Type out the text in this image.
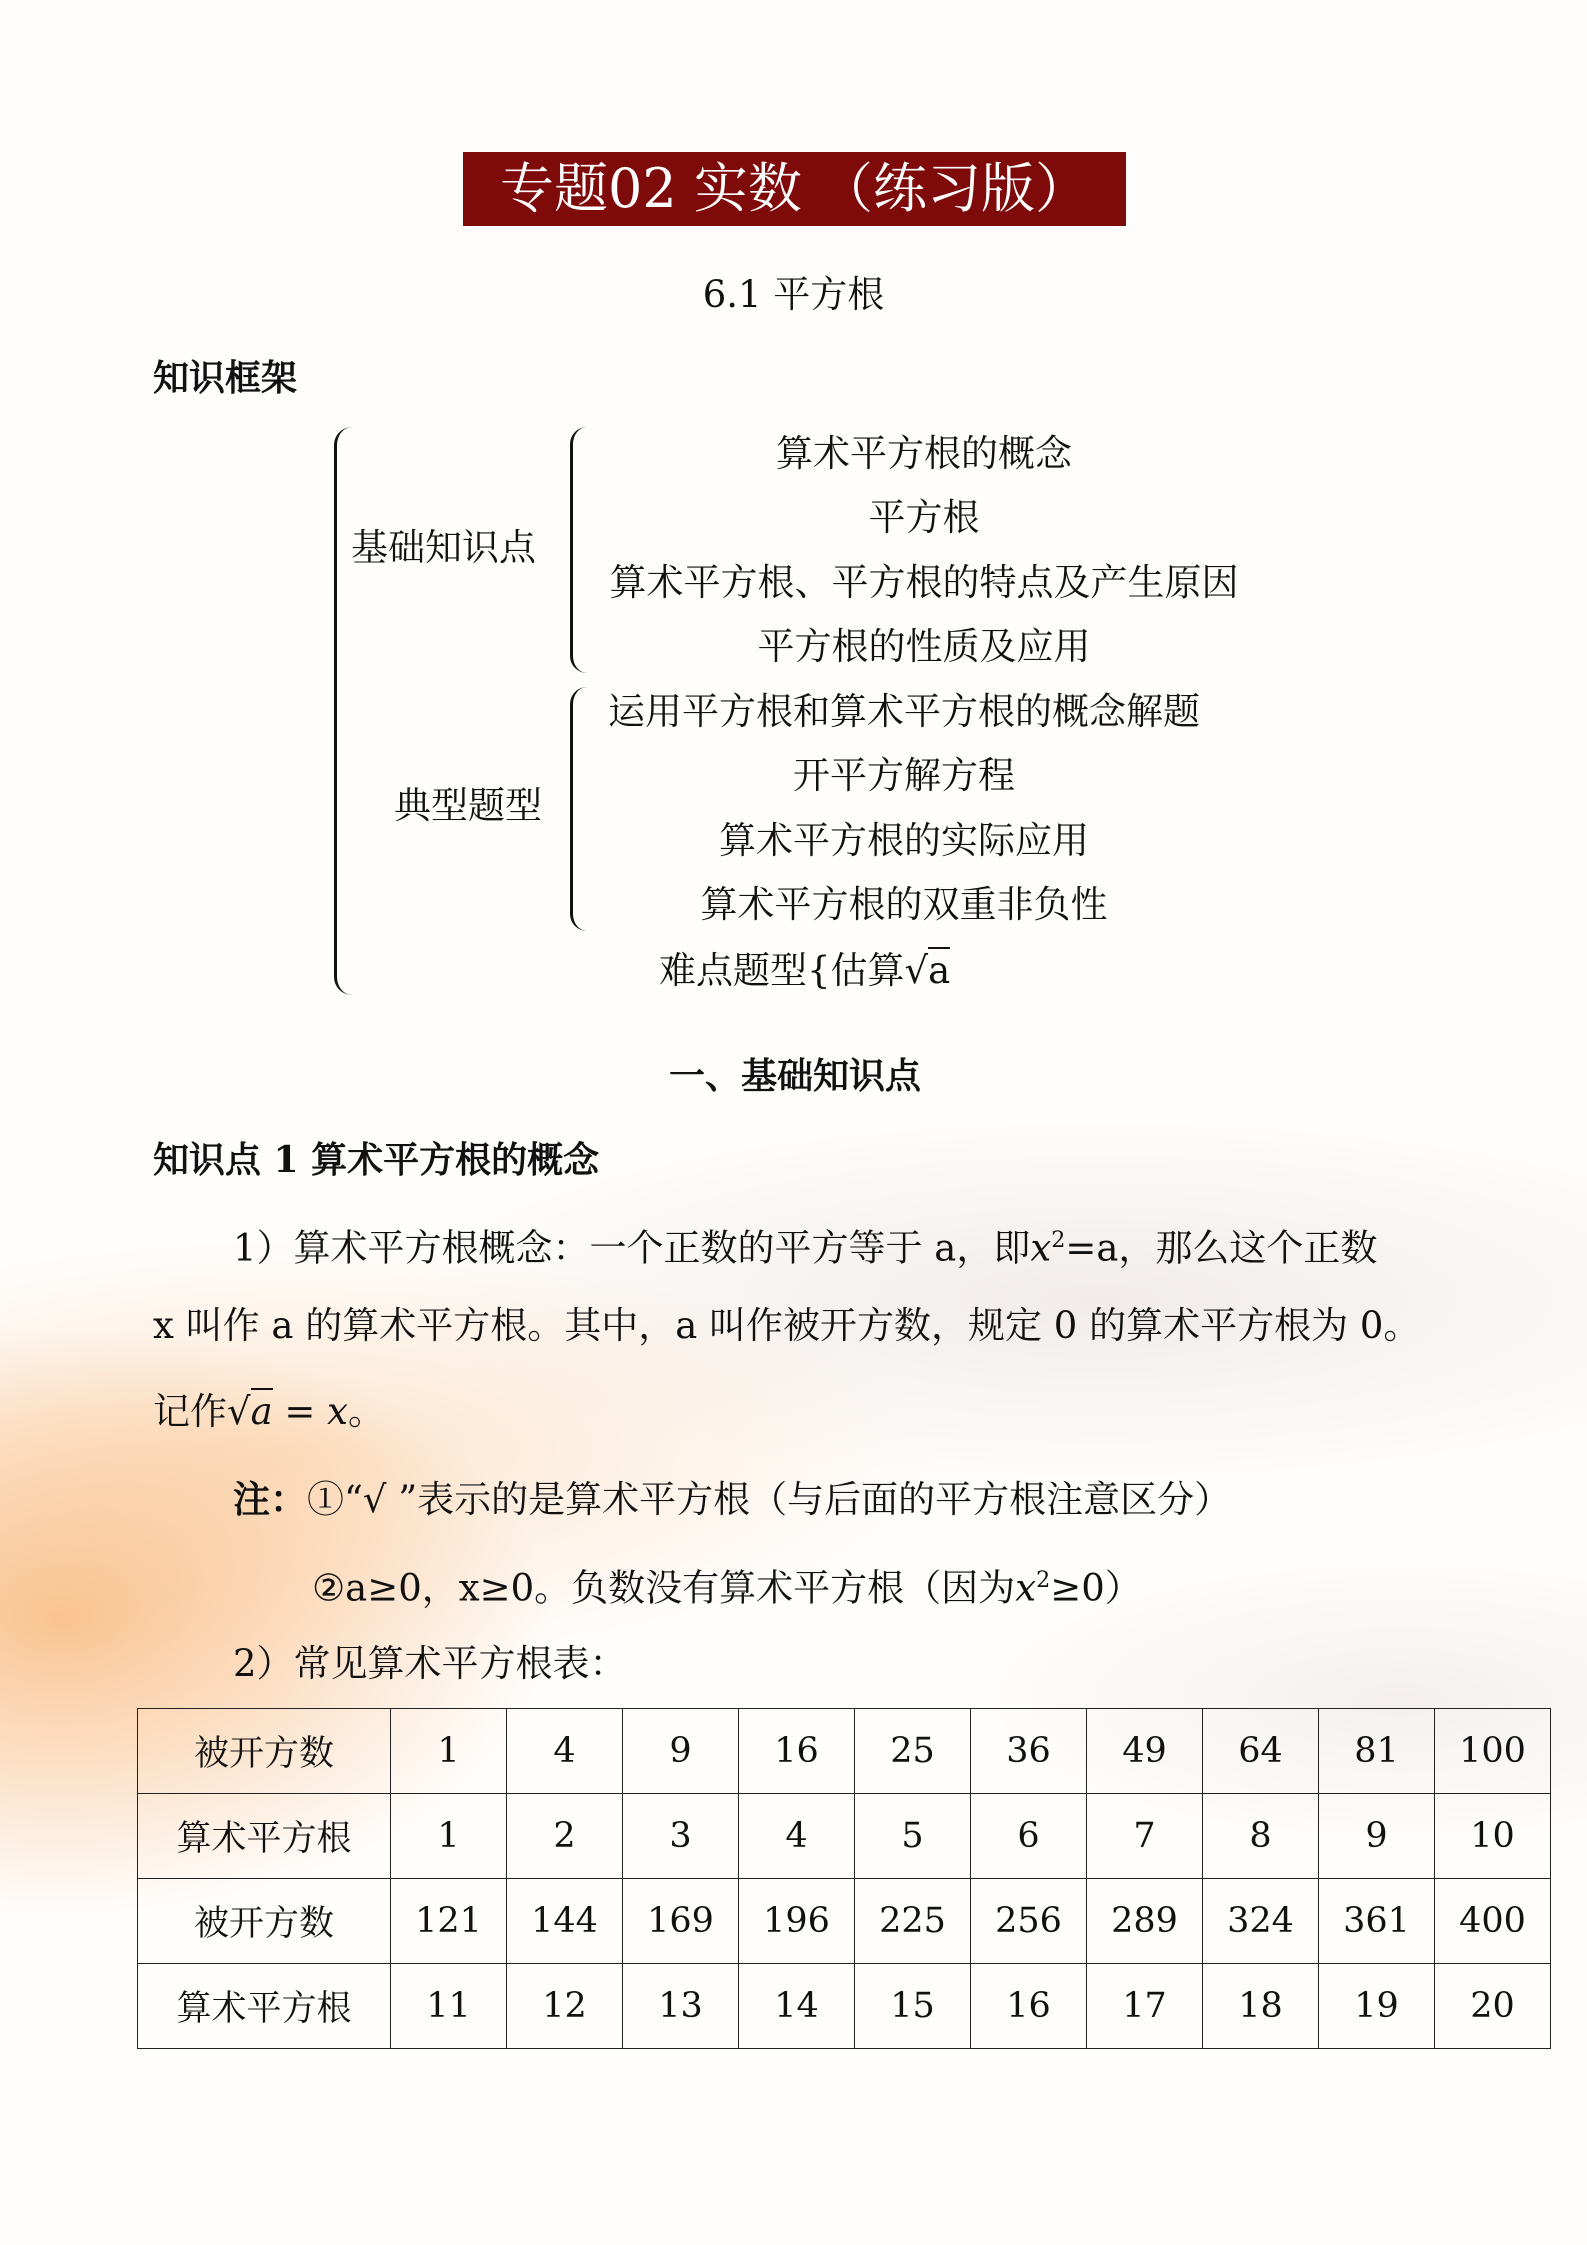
专题02 实数 （练习版）
6.1 平方根
知识框架
基础知识点
算术平方根的概念
平方根
算术平方根、平方根的特点及产生原因
平方根的性质及应用
典型题型
运用平方根和算术平方根的概念解题
开平方解方程
算术平方根的实际应用
算术平方根的双重非负性
难点题型{估算√a
一、基础知识点
知识点 1 算术平方根的概念
1）算术平方根概念：一个正数的平方等于 a，即$x^2=a$，那么这个正数
x 叫作 a 的算术平方根。其中，a 叫作被开方数，规定 0 的算术平方根为 0。
记作√a = x。
注：①“√ ”表示的是算术平方根（与后面的平方根注意区分）
②a≥0，x≥0。负数没有算术平方根（因为$x^2\ge 0$）
2）常见算术平方根表：
被开方数	1	4	9	16	25	36	49	64	81	100
算术平方根	1	2	3	4	5	6	7	8	9	10
被开方数	121	144	169	196	225	256	289	324	361	400
算术平方根	11	12	13	14	15	16	17	18	19	20
